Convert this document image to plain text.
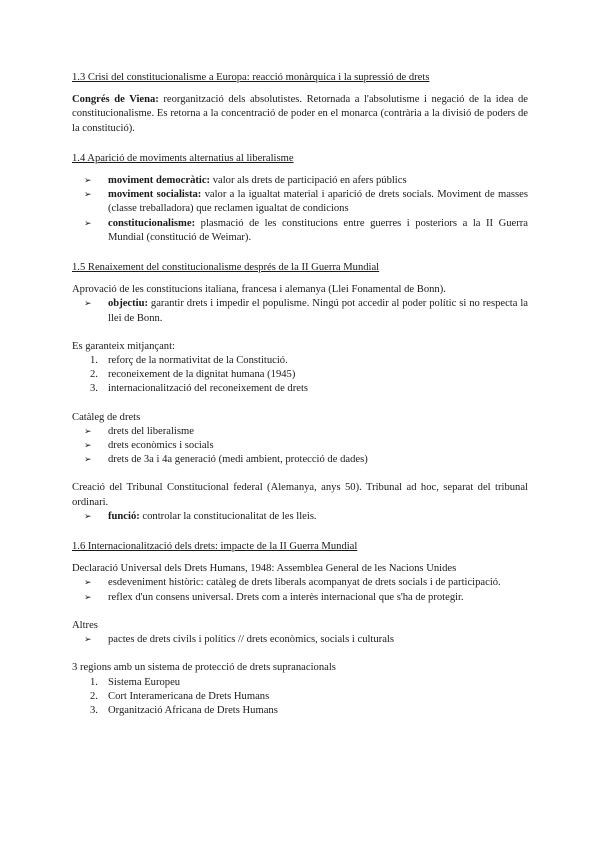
1.3 Crisi del constitucionalisme a Europa: reacció monàrquica i la supressió de drets

Congrés de Viena: reorganització dels absolutistes. Retornada a l'absolutisme i negació de la idea de constitucionalisme. Es retorna a la concentració de poder en el monarca (contrària a la divisió de poders de la constitució).

1.4 Aparició de moviments alternatius al liberalisme
➢ moviment democràtic: valor als drets de participació en afers públics
➢ moviment socialista: valor a la igualtat material i aparició de drets socials. Moviment de masses (classe treballadora) que reclamen igualtat de condicions
➢ constitucionalisme: plasmació de les constitucions entre guerres i posteriors a la II Guerra Mundial (constitució de Weimar).
1.5 Renaixement del constitucionalisme després de la II Guerra Mundial

Aprovació de les constitucions italiana, francesa i alemanya (Llei Fonamental de Bonn).

➢ objectiu: garantir drets i impedir el populisme. Ningú pot accedir al poder polític si no respecta la llei de Bonn.

Es garanteix mitjançant:

1. reforç de la normativitat de la Constitució.
2. reconeixement de la dignitat humana (1945)
3. internacionalització del reconeixement de drets

Catàleg de drets

➢ drets del liberalisme
➢ drets econòmics i socials
➢ drets de 3a i 4a generació (medi ambient, protecció de dades)

Creació del Tribunal Constitucional federal (Alemanya, anys 50). Tribunal ad hoc, separat del tribunal ordinari.

➢ funció: controlar la constitucionalitat de les lleis.
1.6 Internacionalització dels drets: impacte de la II Guerra Mundial

Declaració Universal dels Drets Humans, 1948: Assemblea General de les Nacions Unides

➢ esdeveniment històric: catàleg de drets liberals acompanyat de drets socials i de participació.
➢ reflex d'un consens universal. Drets com a interès internacional que s'ha de protegir.

Altres

➢ pactes de drets civils i polítics // drets econòmics, socials i culturals

3 regions amb un sistema de protecció de drets supranacionals

1. Sistema Europeu
2. Cort Interamericana de Drets Humans
3. Organització Africana de Drets Humans
